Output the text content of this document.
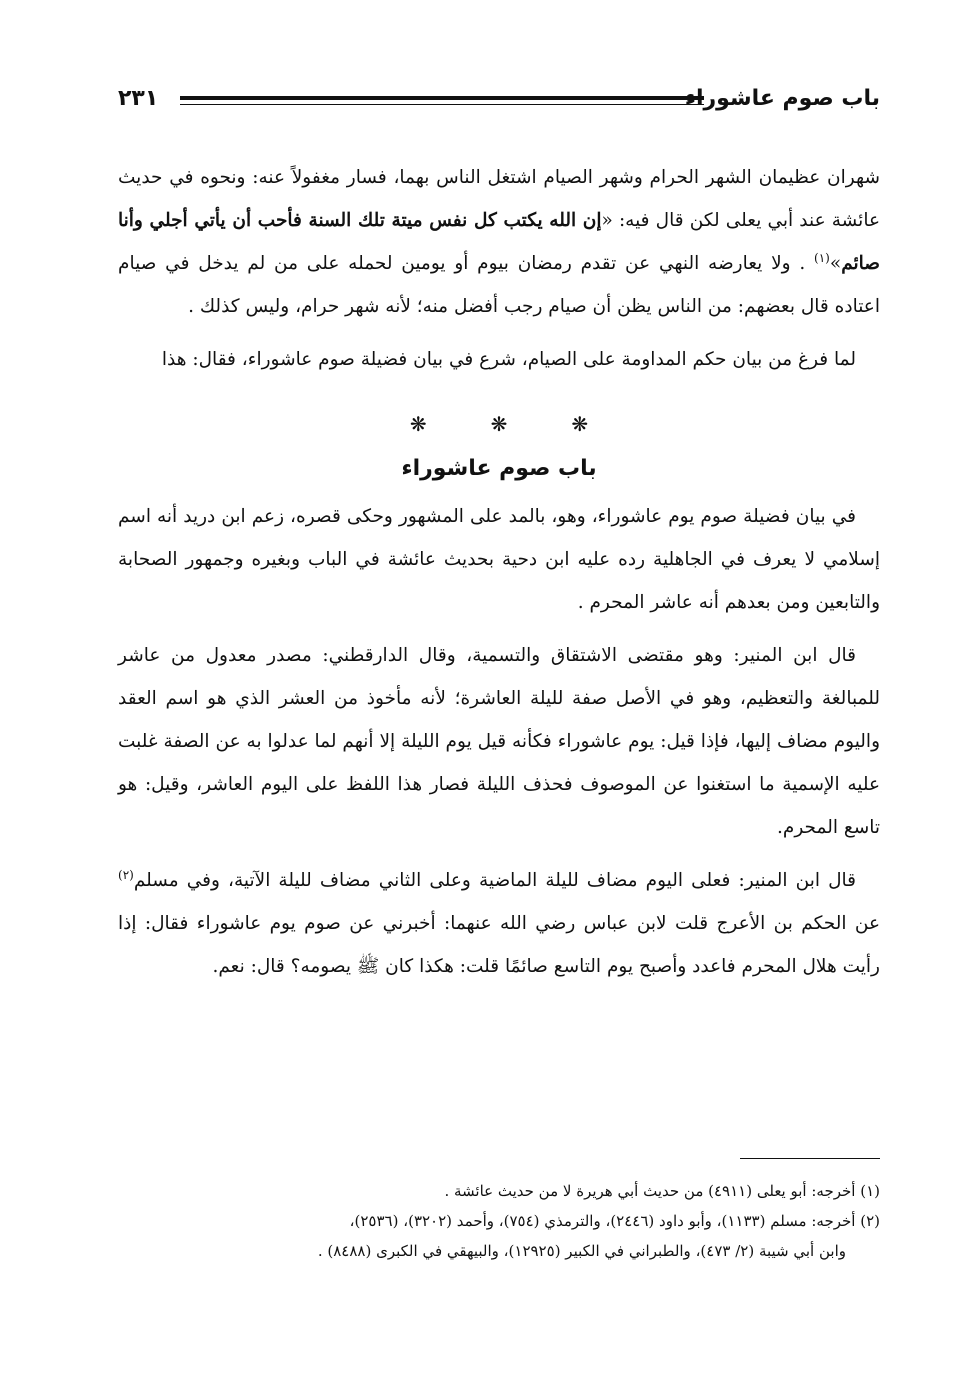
باب صوم عاشوراء
٢٣١

شهران عظيمان الشهر الحرام وشهر الصيام اشتغل الناس بهما، فسار مغفولاً عنه: ونحوه في حديث عائشة عند أبي يعلى لكن قال فيه: «إن الله يكتب كل نفس ميتة تلك السنة فأحب أن يأتي أجلي وأنا صائم»$^{(١)}$ . ولا يعارضه النهي عن تقدم رمضان بيوم أو يومين لحمله على من لم يدخل في صيام اعتاده قال بعضهم: من الناس يظن أن صيام رجب أفضل منه؛ لأنه شهر حرام، وليس كذلك .

لما فرغ من بيان حكم المداومة على الصيام، شرع في بيان فضيلة صوم عاشوراء، فقال: هذا

❋❋❋
باب صوم عاشوراء

في بيان فضيلة صوم يوم عاشوراء، وهو، بالمد على المشهور وحكى قصره، زعم ابن دريد أنه اسم إسلامي لا يعرف في الجاهلية رده عليه ابن دحية بحديث عائشة في الباب وبغيره وجمهور الصحابة والتابعين ومن بعدهم أنه عاشر المحرم .

قال ابن المنير: وهو مقتضى الاشتقاق والتسمية، وقال الدارقطني: مصدر معدول من عاشر للمبالغة والتعظيم، وهو في الأصل صفة لليلة العاشرة؛ لأنه مأخوذ من العشر الذي هو اسم العقد واليوم مضاف إليها، فإذا قيل: يوم عاشوراء فكأنه قيل يوم الليلة إلا أنهم لما عدلوا به عن الصفة غلبت عليه الإسمية ما استغنوا عن الموصوف فحذف الليلة فصار هذا اللفظ على اليوم العاشر، وقيل: هو تاسع المحرم.

قال ابن المنير: فعلى اليوم مضاف لليلة الماضية وعلى الثاني مضاف لليلة الآتية، وفي مسلم$^{(٢)}$ عن الحكم بن الأعرج قلت لابن عباس رضي الله عنهما: أخبرني عن صوم يوم عاشوراء فقال: إذا رأيت هلال المحرم فاعدد وأصبح يوم التاسع صائمًا قلت: هكذا كان ﷺ يصومه؟ قال: نعم.

(١) أخرجه: أبو يعلى (٤٩١١) من حديث أبي هريرة لا من حديث عائشة .

(٢) أخرجه: مسلم (١١٣٣)، وأبو داود (٢٤٤٦)، والترمذي (٧٥٤)، وأحمد (٣٢٠٢)، (٢٥٣٦)،

وابن أبي شيبة (٢/ ٤٧٣)، والطبراني في الكبير (١٢٩٢٥)، والبيهقي في الكبرى (٨٤٨٨) .
